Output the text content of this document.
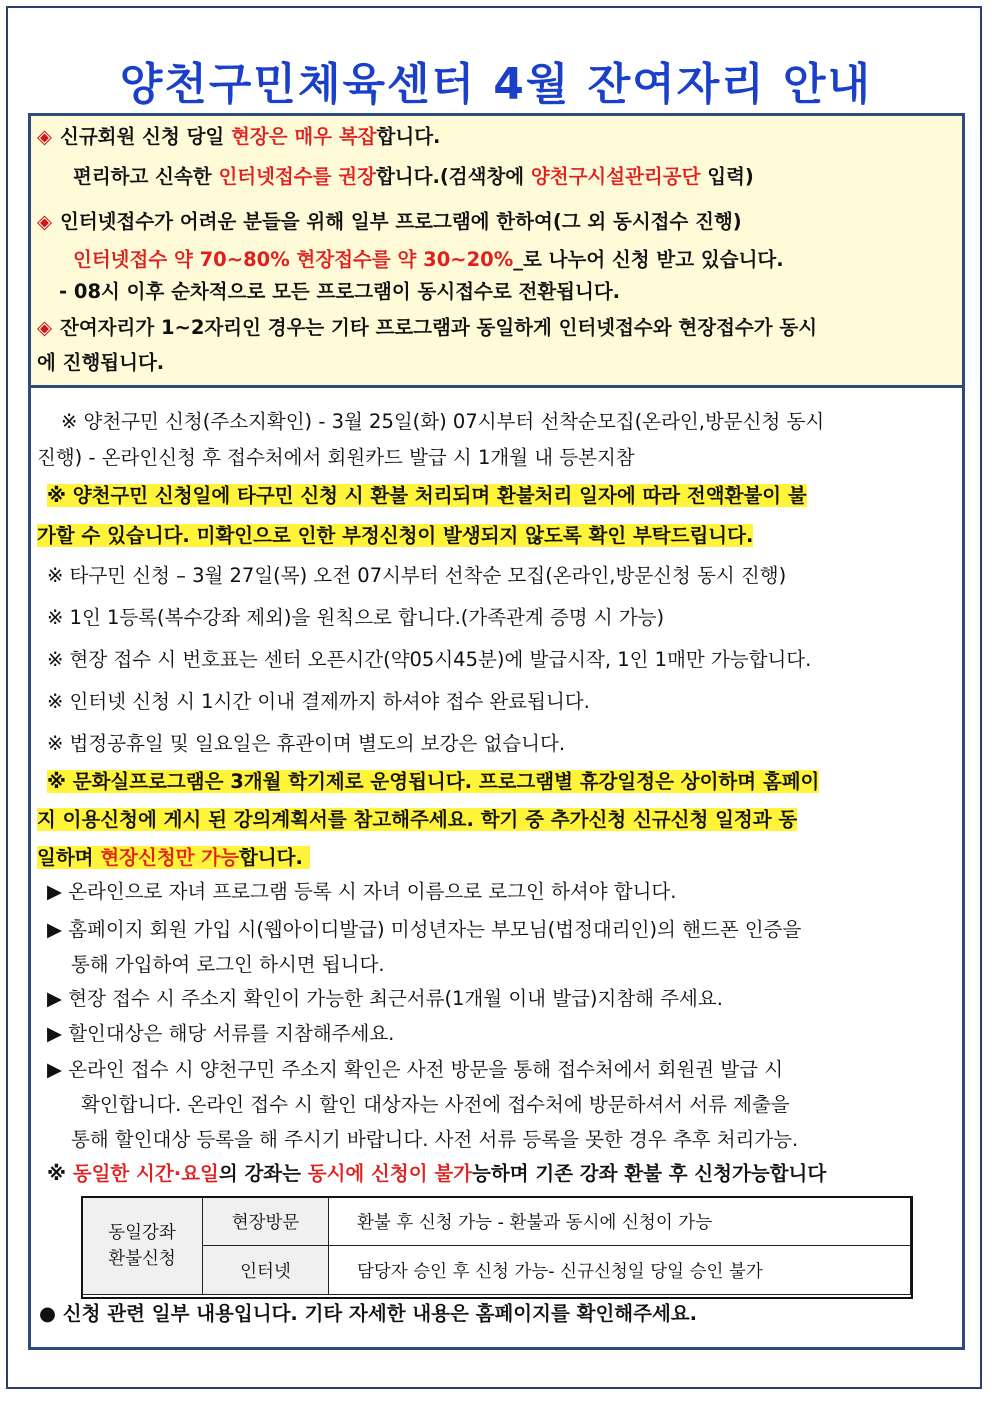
양천구민체육센터 4월 잔여자리 안내
◈ 신규회원 신청 당일 현장은 매우 복잡합니다.
편리하고 신속한 인터넷접수를 권장합니다.(검색창에 양천구시설관리공단 입력)
◈ 인터넷접수가 어려운 분들을 위해 일부 프로그램에 한하여(그 외 동시접수 진행)
인터넷접수 약 70~80% 현장접수를 약 30~20%_로 나누어 신청 받고 있습니다.
- 08시 이후 순차적으로 모든 프로그램이 동시접수로 전환됩니다.
◈ 잔여자리가 1~2자리인 경우는 기타 프로그램과 동일하게 인터넷접수와 현장접수가 동시
에 진행됩니다.
※ 양천구민 신청(주소지확인) - 3월 25일(화) 07시부터 선착순모집(온라인,방문신청 동시
진행) - 온라인신청 후 접수처에서 회원카드 발급 시 1개월 내 등본지참
※ 양천구민 신청일에 타구민 신청 시 환불 처리되며 환불처리 일자에 따라 전액환불이 불
가할 수 있습니다. 미확인으로 인한 부정신청이 발생되지 않도록 확인 부탁드립니다.
※ 타구민 신청 – 3월 27일(목) 오전 07시부터 선착순 모집(온라인,방문신청 동시 진행)
※ 1인 1등록(복수강좌 제외)을 원칙으로 합니다.(가족관계 증명 시 가능)
※ 현장 접수 시 번호표는 센터 오픈시간(약05시45분)에 발급시작, 1인 1매만 가능합니다.
※ 인터넷 신청 시 1시간 이내 결제까지 하셔야 접수 완료됩니다.
※ 법정공휴일 및 일요일은 휴관이며 별도의 보강은 없습니다.
※ 문화실프로그램은 3개월 학기제로 운영됩니다. 프로그램별 휴강일정은 상이하며 홈페이
지 이용신청에 게시 된 강의계획서를 참고해주세요. 학기 중 추가신청 신규신청 일정과 동
일하며 현장신청만 가능합니다.
▶ 온라인으로 자녀 프로그램 등록 시 자녀 이름으로 로그인 하셔야 합니다.
▶ 홈페이지 회원 가입 시(웹아이디발급) 미성년자는 부모님(법정대리인)의 핸드폰 인증을
통해 가입하여 로그인 하시면 됩니다.
▶ 현장 접수 시 주소지 확인이 가능한 최근서류(1개월 이내 발급)지참해 주세요.
▶ 할인대상은 해당 서류를 지참해주세요.
▶ 온라인 접수 시 양천구민 주소지 확인은 사전 방문을 통해 접수처에서 회원권 발급 시
확인합니다. 온라인 접수 시 할인 대상자는 사전에 접수처에 방문하셔서 서류 제출을
통해 할인대상 등록을 해 주시기 바랍니다. 사전 서류 등록을 못한 경우 추후 처리가능.
※ 동일한 시간·요일의 강좌는 동시에 신청이 불가능하며 기존 강좌 환불 후 신청가능합니다
동일강좌
환불신청	현장방문	환불 후 신청 가능 - 환불과 동시에 신청이 가능
	인터넷	담당자 승인 후 신청 가능- 신규신청일 당일 승인 불가
● 신청 관련 일부 내용입니다. 기타 자세한 내용은 홈페이지를 확인해주세요.
